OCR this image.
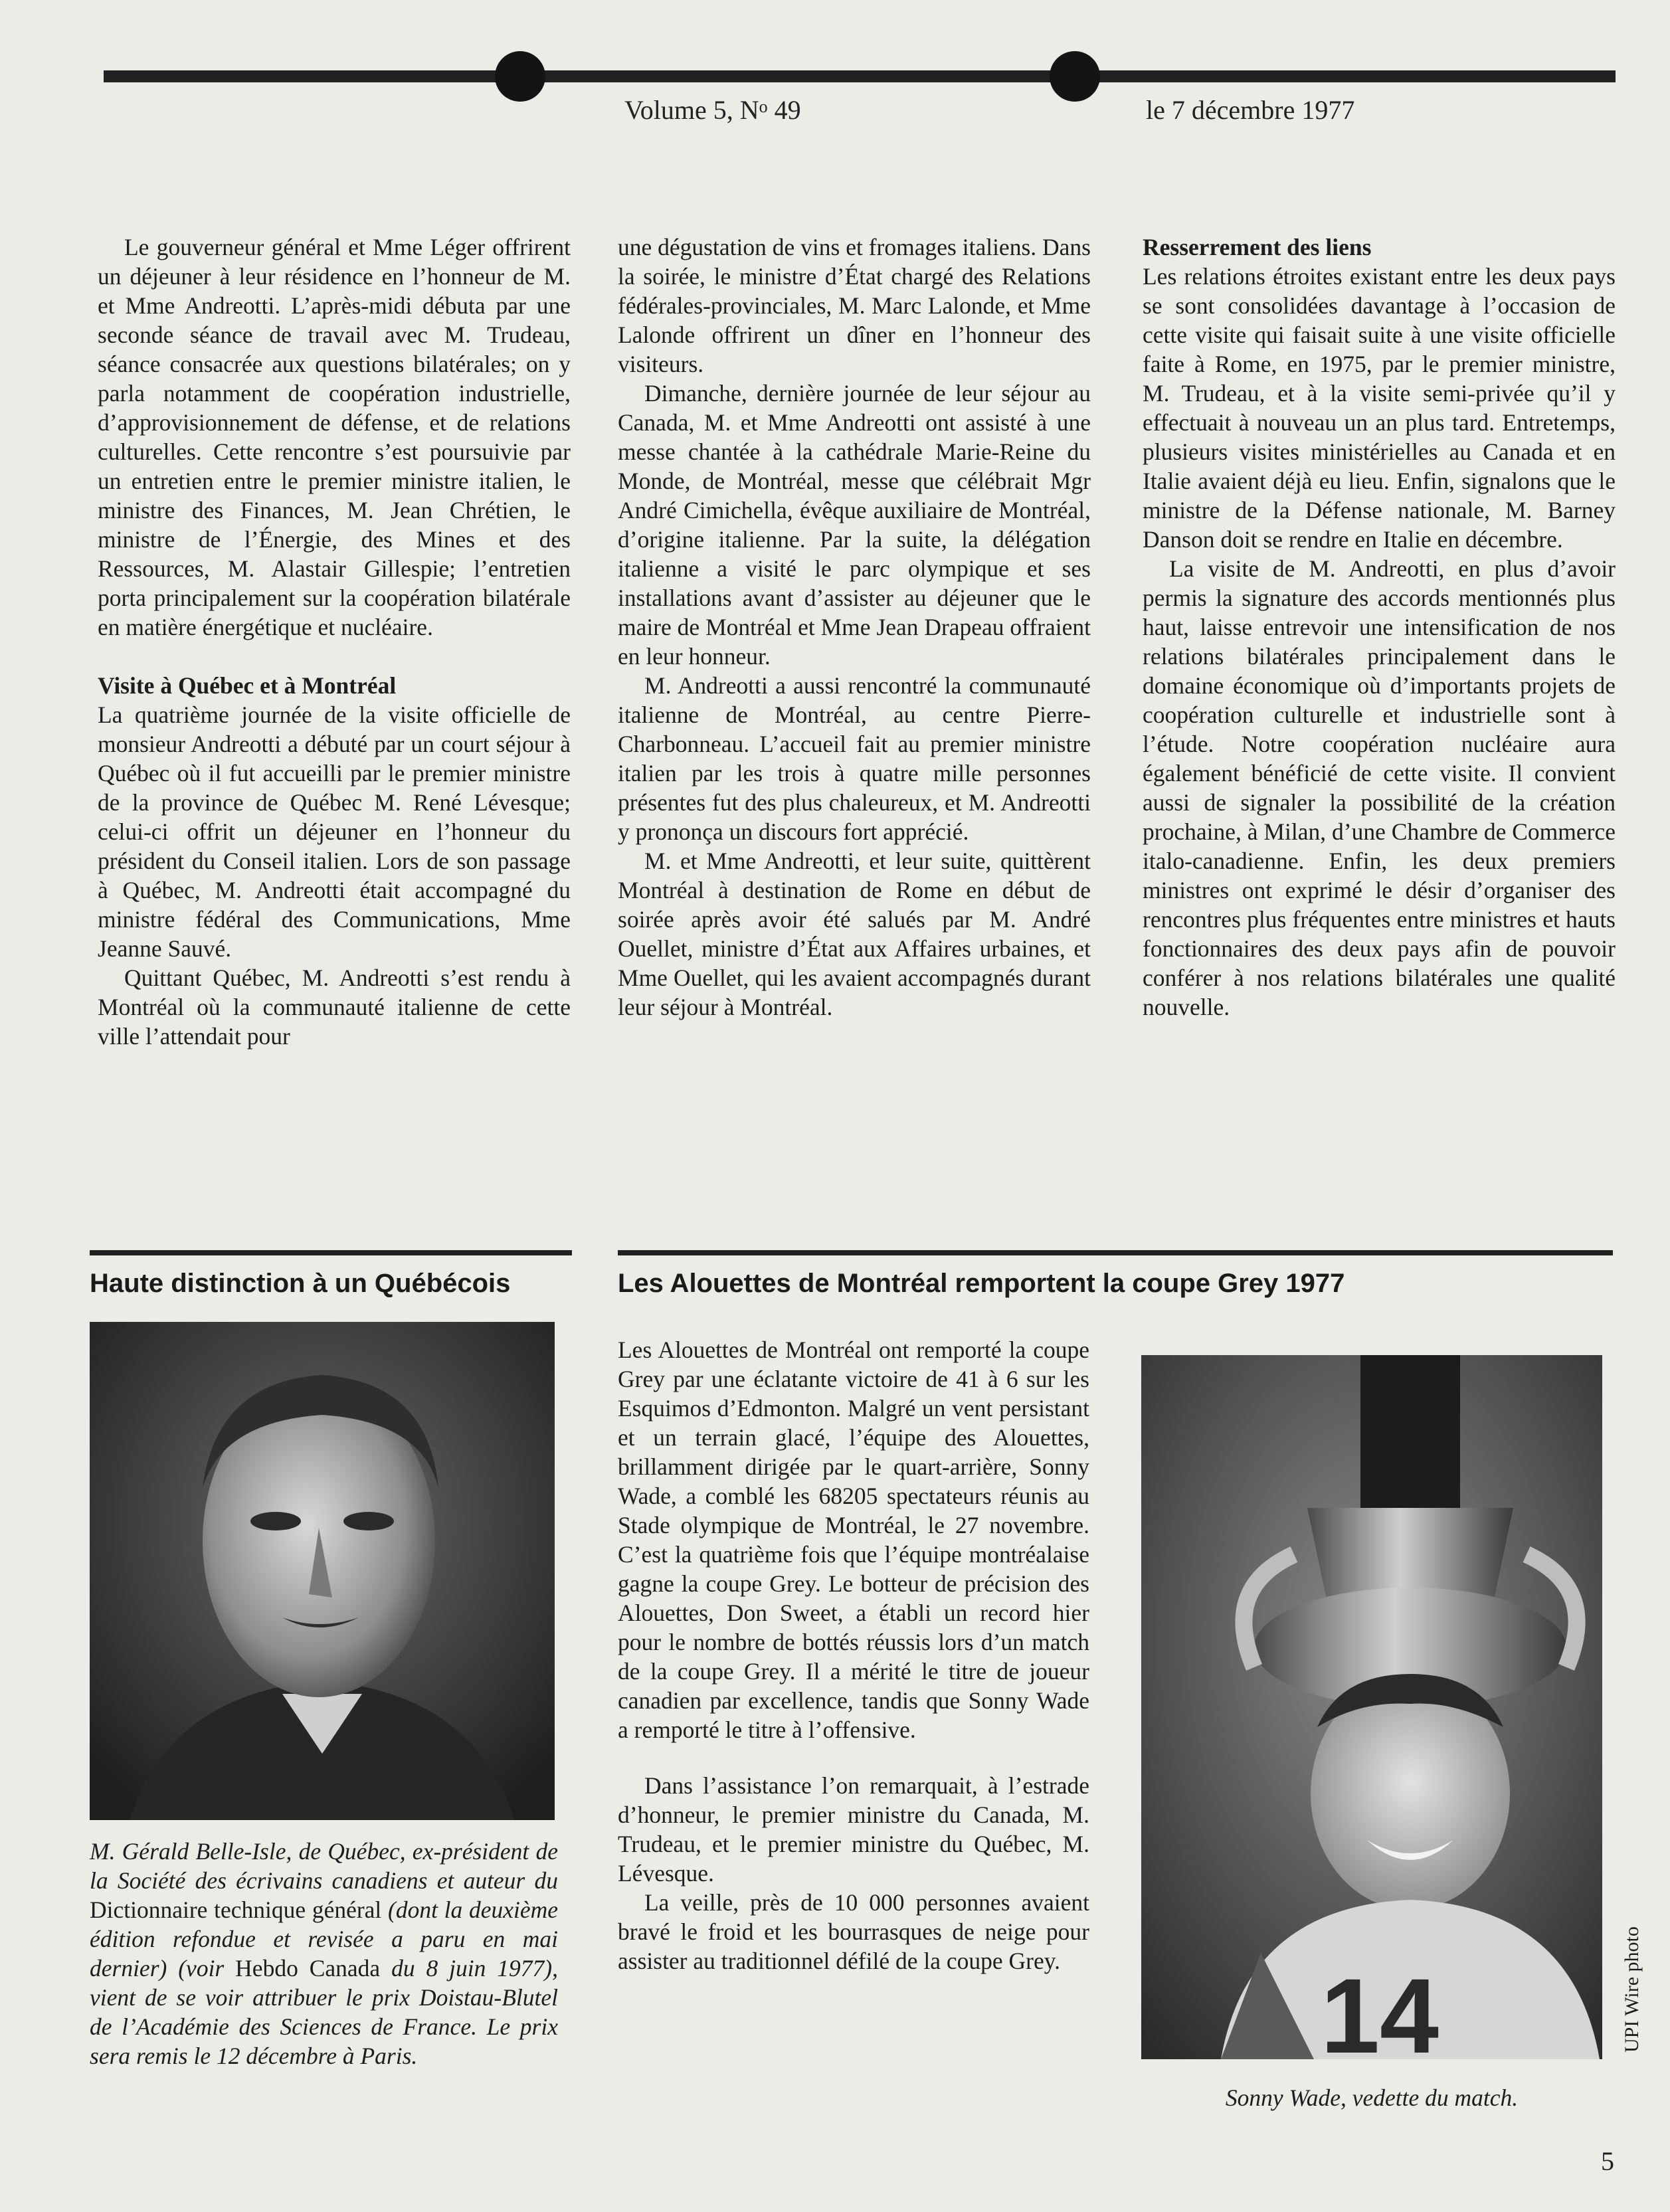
Volume 5, $N^o$ 49	le 7 décembre 1977

Le gouverneur général et Mme Léger offrirent un déjeuner à leur résidence en l’honneur de M. et Mme Andreotti. L’après-midi débuta par une seconde séance de travail avec M. Trudeau, séance consacrée aux questions bilatérales; on y parla notamment de coopération industrielle, d’approvisionnement de défense, et de relations culturelles. Cette rencontre s’est poursuivie par un entretien entre le premier ministre italien, le ministre des Finances, M. Jean Chrétien, le ministre de l’Énergie, des Mines et des Ressources, M. Alastair Gillespie; l’entretien porta principalement sur la coopération bilatérale en matière énergétique et nucléaire.

Visite à Québec et à Montréal

La quatrième journée de la visite officielle de monsieur Andreotti a débuté par un court séjour à Québec où il fut accueilli par le premier ministre de la province de Québec M. René Lévesque; celui-ci offrit un déjeuner en l’honneur du président du Conseil italien. Lors de son passage à Québec, M. Andreotti était accompagné du ministre fédéral des Communications, Mme Jeanne Sauvé.

Quittant Québec, M. Andreotti s’est rendu à Montréal où la communauté italienne de cette ville l’attendait pour

une dégustation de vins et fromages italiens. Dans la soirée, le ministre d’État chargé des Relations fédérales-provinciales, M. Marc Lalonde, et Mme Lalonde offrirent un dîner en l’honneur des visiteurs.

Dimanche, dernière journée de leur séjour au Canada, M. et Mme Andreotti ont assisté à une messe chantée à la cathédrale Marie-Reine du Monde, de Montréal, messe que célébrait Mgr André Cimichella, évêque auxiliaire de Montréal, d’origine italienne. Par la suite, la délégation italienne a visité le parc olympique et ses installations avant d’assister au déjeuner que le maire de Montréal et Mme Jean Drapeau offraient en leur honneur.

M. Andreotti a aussi rencontré la communauté italienne de Montréal, au centre Pierre-Charbonneau. L’accueil fait au premier ministre italien par les trois à quatre mille personnes présentes fut des plus chaleureux, et M. Andreotti y prononça un discours fort apprécié.

M. et Mme Andreotti, et leur suite, quittèrent Montréal à destination de Rome en début de soirée après avoir été salués par M. André Ouellet, ministre d’État aux Affaires urbaines, et Mme Ouellet, qui les avaient accompagnés durant leur séjour à Montréal.

Resserrement des liens

Les relations étroites existant entre les deux pays se sont consolidées davantage à l’occasion de cette visite qui faisait suite à une visite officielle faite à Rome, en 1975, par le premier ministre, M. Trudeau, et à la visite semi-privée qu’il y effectuait à nouveau un an plus tard. Entretemps, plusieurs visites ministérielles au Canada et en Italie avaient déjà eu lieu. Enfin, signalons que le ministre de la Défense nationale, M. Barney Danson doit se rendre en Italie en décembre.

La visite de M. Andreotti, en plus d’avoir permis la signature des accords mentionnés plus haut, laisse entrevoir une intensification de nos relations bilatérales principalement dans le domaine économique où d’importants projets de coopération culturelle et industrielle sont à l’étude. Notre coopération nucléaire aura également bénéficié de cette visite. Il convient aussi de signaler la possibilité de la création prochaine, à Milan, d’une Chambre de Commerce italo-canadienne. Enfin, les deux premiers ministres ont exprimé le désir d’organiser des rencontres plus fréquentes entre ministres et hauts fonctionnaires des deux pays afin de pouvoir conférer à nos relations bilatérales une qualité nouvelle.

Haute distinction à un Québécois
M. Gérald Belle-Isle, de Québec, ex-président de la Société des écrivains canadiens et auteur du Dictionnaire technique général (dont la deuxième édition refondue et revisée a paru en mai dernier) (voir Hebdo Canada du 8 juin 1977), vient de se voir attribuer le prix Doistau-Blutel de l’Académie des Sciences de France. Le prix sera remis le 12 décembre à Paris.
Les Alouettes de Montréal remportent la coupe Grey 1977

Les Alouettes de Montréal ont remporté la coupe Grey par une éclatante victoire de 41 à 6 sur les Esquimos d’Edmonton. Malgré un vent persistant et un terrain glacé, l’équipe des Alouettes, brillamment dirigée par le quart-arrière, Sonny Wade, a comblé les 68205 spectateurs réunis au Stade olympique de Montréal, le 27 novembre. C’est la quatrième fois que l’équipe montréalaise gagne la coupe Grey. Le botteur de précision des Alouettes, Don Sweet, a établi un record hier pour le nombre de bottés réussis lors d’un match de la coupe Grey. Il a mérité le titre de joueur canadien par excellence, tandis que Sonny Wade a remporté le titre à l’offensive.

Dans l’assistance l’on remarquait, à l’estrade d’honneur, le premier ministre du Canada, M. Trudeau, et le premier ministre du Québec, M. Lévesque.

La veille, près de 10 000 personnes avaient bravé le froid et les bourrasques de neige pour assister au traditionnel défilé de la coupe Grey. 14	UPI Wire photo
Sonny Wade, vedette du match.
5
